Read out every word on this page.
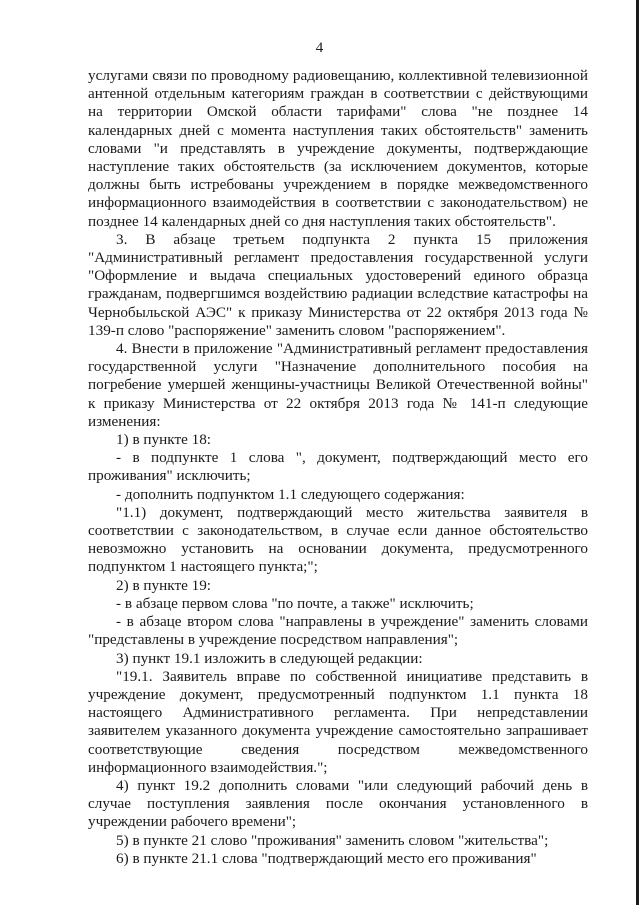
4

услугами связи по проводному радиовещанию, коллективной телевизионной антенной отдельным категориям граждан в соответствии с действующими на территории Омской области тарифами" слова "не позднее 14 календарных дней с момента наступления таких обстоятельств" заменить словами "и представлять в учреждение документы, подтверждающие наступление таких обстоятельств (за исключением документов, которые должны быть истребованы учреждением в порядке межведомственного информационного взаимодействия в соответствии с законодательством) не позднее 14 календарных дней со дня наступления таких обстоятельств".

3. В абзаце третьем подпункта 2 пункта 15 приложения "Административный регламент предоставления государственной услуги "Оформление и выдача специальных удостоверений единого образца гражданам, подвергшимся воздействию радиации вследствие катастрофы на Чернобыльской АЭС" к приказу Министерства от 22 октября 2013 года № 139-п слово "распоряжение" заменить словом "распоряжением".

4. Внести в приложение "Административный регламент предоставления государственной услуги "Назначение дополнительного пособия на погребение умершей женщины-участницы Великой Отечественной войны" к приказу Министерства от 22 октября 2013 года № 141-п следующие изменения:

1) в пункте 18:

- в подпункте 1 слова ", документ, подтверждающий место его проживания" исключить;

- дополнить подпунктом 1.1 следующего содержания:

"1.1) документ, подтверждающий место жительства заявителя в соответствии с законодательством, в случае если данное обстоятельство невозможно установить на основании документа, предусмотренного подпунктом 1 настоящего пункта;";

2) в пункте 19:

- в абзаце первом слова "по почте, а также" исключить;

- в абзаце втором слова "направлены в учреждение" заменить словами "представлены в учреждение посредством направления";

3) пункт 19.1 изложить в следующей редакции:

"19.1. Заявитель вправе по собственной инициативе представить в учреждение документ, предусмотренный подпунктом 1.1 пункта 18 настоящего Административного регламента. При непредставлении заявителем указанного документа учреждение самостоятельно запрашивает соответствующие сведения посредством межведомственного информационного взаимодействия.";

4) пункт 19.2 дополнить словами "или следующий рабочий день в случае поступления заявления после окончания установленного в учреждении рабочего времени";

5) в пункте 21 слово "проживания" заменить словом "жительства";

6) в пункте 21.1 слова "подтверждающий место его проживания"
